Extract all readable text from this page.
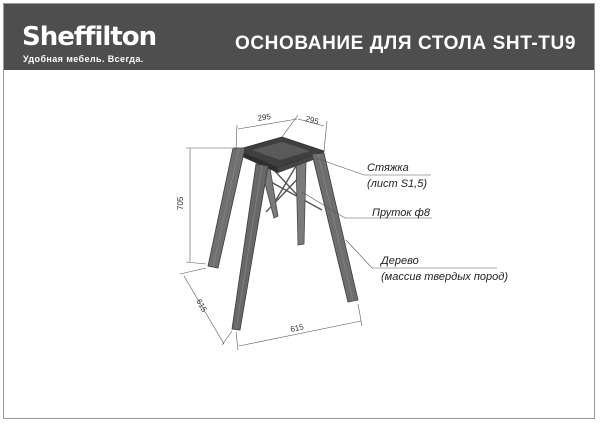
Sheffilton
Удобная мебель. Всегда.
ОСНОВАНИЕ ДЛЯ СТОЛА SHT-TU9
295	295
705
615
615
Стяжка
(лист S1,5)
Пруток ф8
Дерево
(массив твердых пород)
